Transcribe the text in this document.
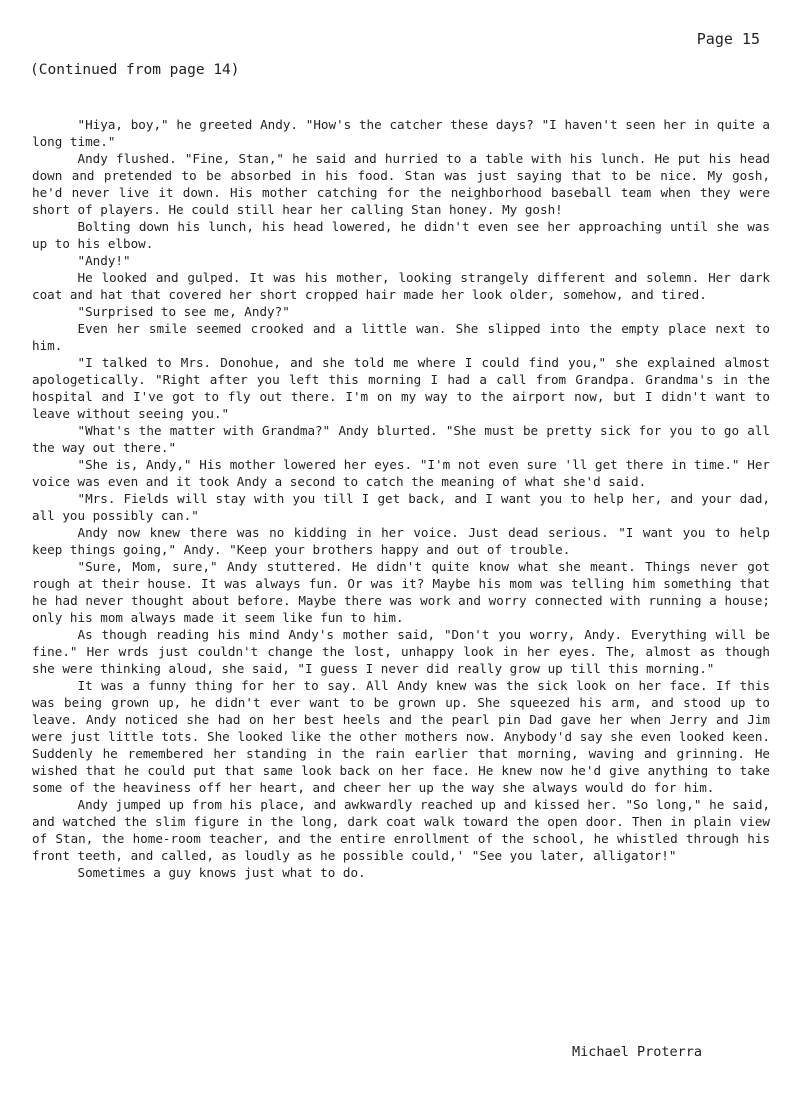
Page 15

(Continued from page 14)

"Hiya, boy," he greeted Andy. "How's the catcher these days? "I haven't seen her in quite a long time."

Andy flushed. "Fine, Stan," he said and hurried to a table with his lunch. He put his head down and pretended to be absorbed in his food. Stan was just saying that to be nice. My gosh, he'd never live it down. His mother catching for the neighborhood baseball team when they were short of players. He could still hear her calling Stan honey. My gosh!

Bolting down his lunch, his head lowered, he didn't even see her approaching until she was up to his elbow.

"Andy!"

He looked and gulped. It was his mother, looking strangely different and solemn. Her dark coat and hat that covered her short cropped hair made her look older, somehow, and tired.

"Surprised to see me, Andy?"

Even her smile seemed crooked and a little wan. She slipped into the empty place next to him.

"I talked to Mrs. Donohue, and she told me where I could find you," she explained almost apologetically. "Right after you left this morning I had a call from Grandpa. Grandma's in the hospital and I've got to fly out there. I'm on my way to the airport now, but I didn't want to leave without seeing you."

"What's the matter with Grandma?" Andy blurted. "She must be pretty sick for you to go all the way out there."

"She is, Andy," His mother lowered her eyes. "I'm not even sure 'll get there in time." Her voice was even and it took Andy a second to catch the meaning of what she'd said.

"Mrs. Fields will stay with you till I get back, and I want you to help her, and your dad, all you possibly can."

Andy now knew there was no kidding in her voice. Just dead serious. "I want you to help keep things going," Andy. "Keep your brothers happy and out of trouble.

"Sure, Mom, sure," Andy stuttered. He didn't quite know what she meant. Things never got rough at their house. It was always fun. Or was it? Maybe his mom was telling him something that he had never thought about before. Maybe there was work and worry connected with running a house; only his mom always made it seem like fun to him.

As though reading his mind Andy's mother said, "Don't you worry, Andy. Everything will be fine." Her wrds just couldn't change the lost, unhappy look in her eyes. The, almost as though she were thinking aloud, she said, "I guess I never did really grow up till this morning."

It was a funny thing for her to say. All Andy knew was the sick look on her face. If this was being grown up, he didn't ever want to be grown up. She squeezed his arm, and stood up to leave. Andy noticed she had on her best heels and the pearl pin Dad gave her when Jerry and Jim were just little tots. She looked like the other mothers now. Anybody'd say she even looked keen. Suddenly he remembered her standing in the rain earlier that morning, waving and grinning. He wished that he could put that same look back on her face. He knew now he'd give anything to take some of the heaviness off her heart, and cheer her up the way she always would do for him.

Andy jumped up from his place, and awkwardly reached up and kissed her. "So long," he said, and watched the slim figure in the long, dark coat walk toward the open door. Then in plain view of Stan, the home-room teacher, and the entire enrollment of the school, he whistled through his front teeth, and called, as loudly as he possible could,' "See you later, alligator!"

Sometimes a guy knows just what to do.

Michael Proterra
